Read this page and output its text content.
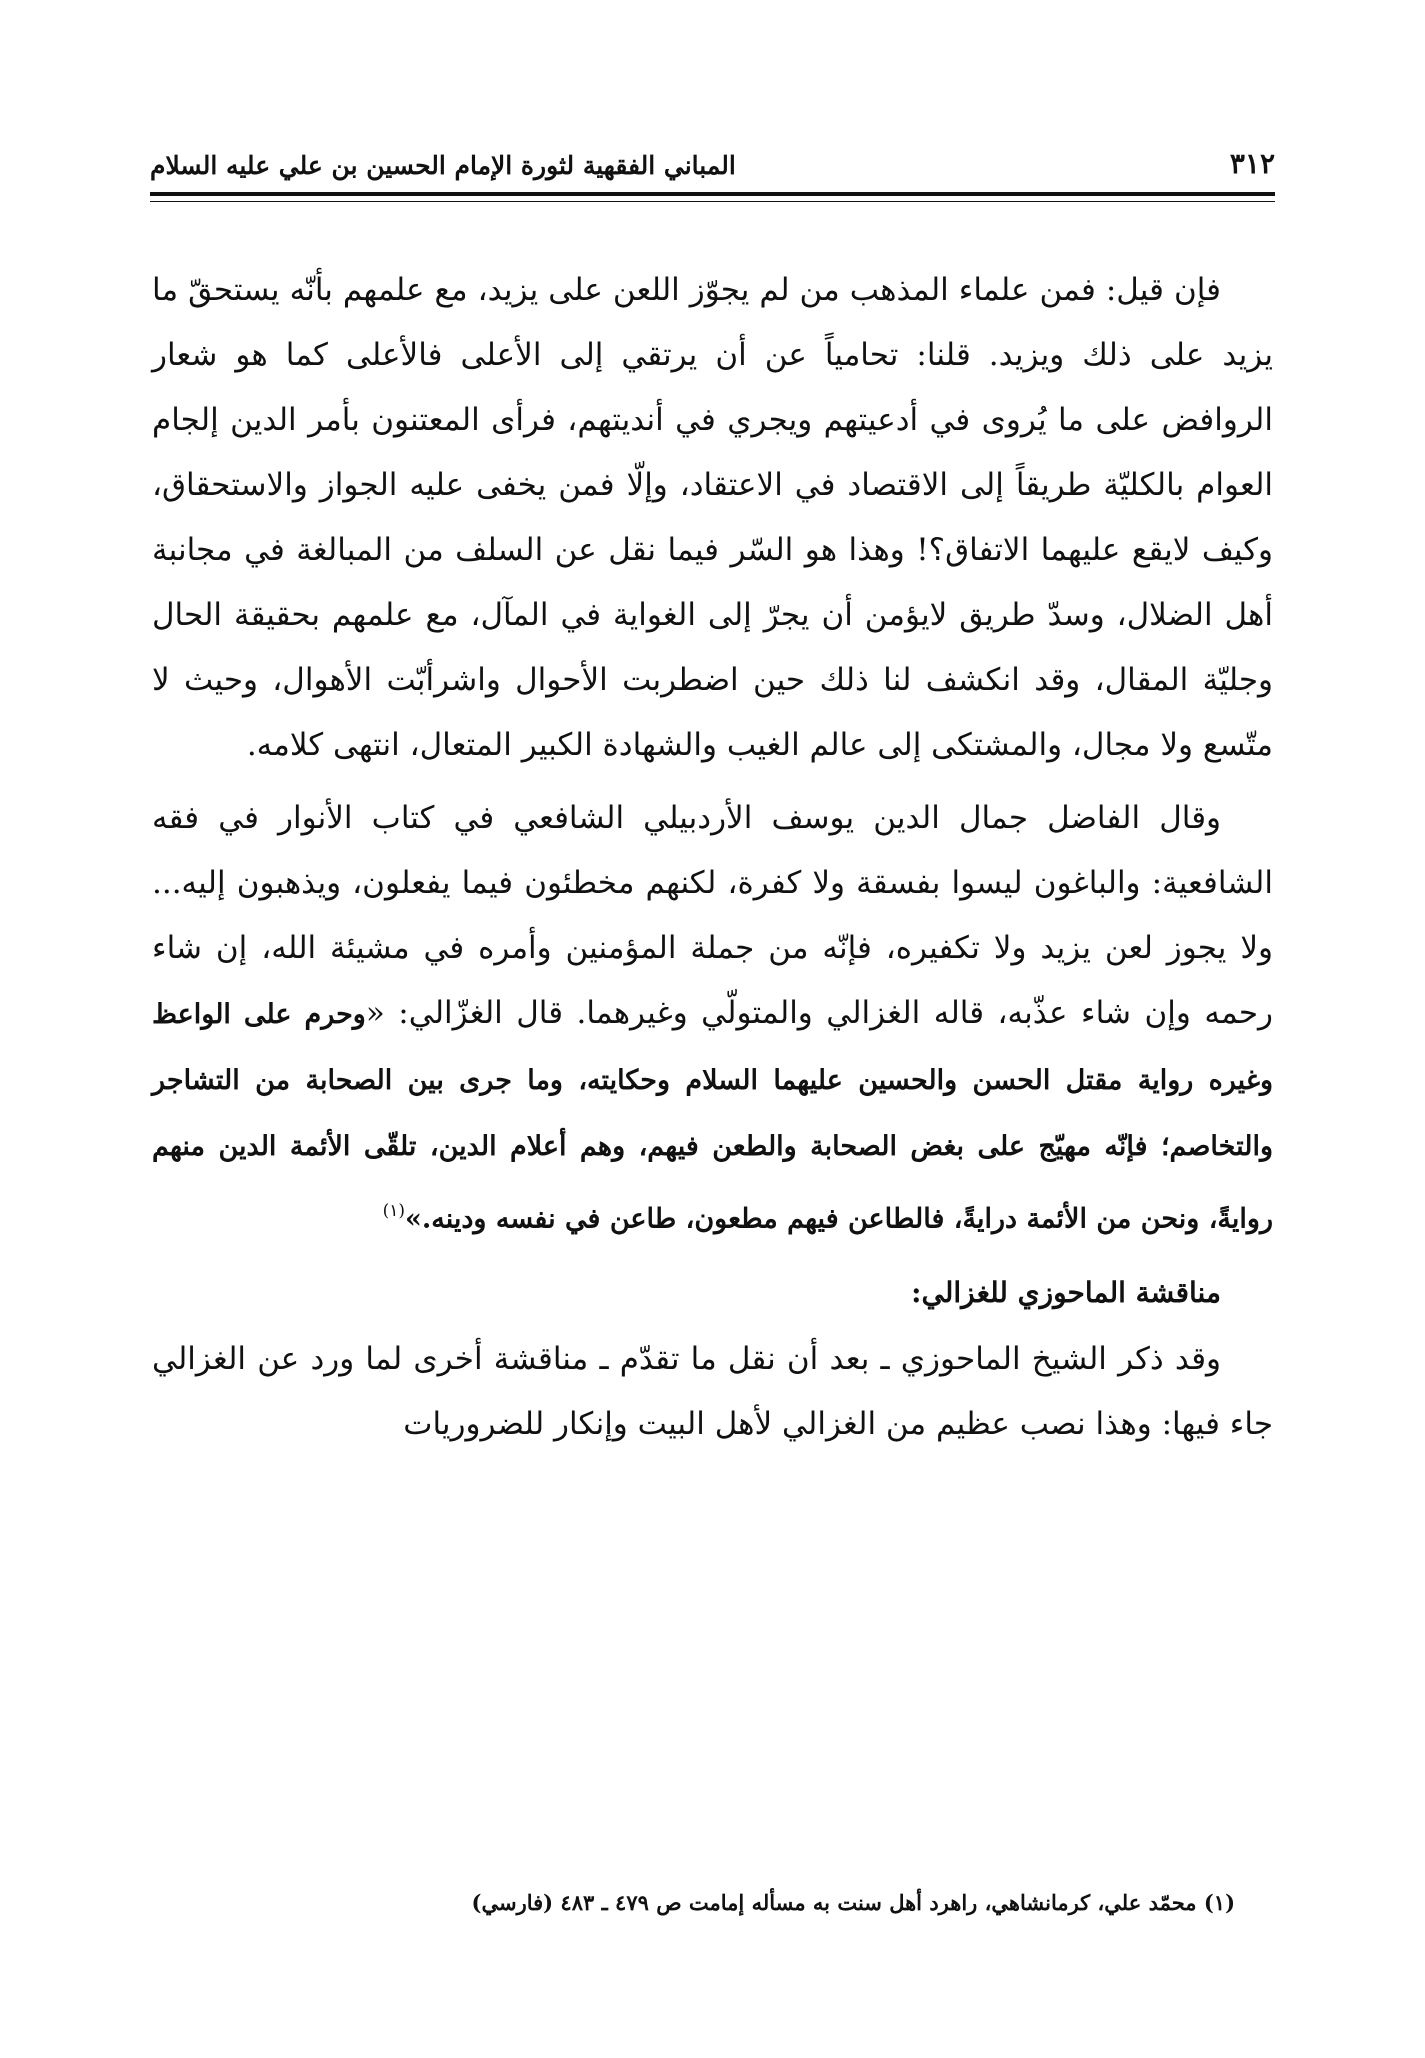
٣١٢
المباني الفقهية لثورة الإمام الحسين بن علي عليه السلام

فإن قيل: فمن علماء المذهب من لم يجوّز اللعن على يزيد، مع علمهم بأنّه يستحقّ ما يزيد على ذلك ويزيد. قلنا: تحامياً عن أن يرتقي إلى الأعلى فالأعلى كما هو شعار الروافض على ما يُروى في أدعيتهم ويجري في أنديتهم، فرأى المعتنون بأمر الدين إلجام العوام بالكليّة طريقاً إلى الاقتصاد في الاعتقاد، وإلّا فمن يخفى عليه الجواز والاستحقاق، وكيف لايقع عليهما الاتفاق؟! وهذا هو السّر فيما نقل عن السلف من المبالغة في مجانبة أهل الضلال، وسدّ طريق لايؤمن أن يجرّ إلى الغواية في المآل، مع علمهم بحقيقة الحال وجليّة المقال، وقد انكشف لنا ذلك حين اضطربت الأحوال واشرأبّت الأهوال، وحيث لا متّسع ولا مجال، والمشتكى إلى عالم الغيب والشهادة الكبير المتعال، انتهى كلامه.

وقال الفاضل جمال الدين يوسف الأردبيلي الشافعي في كتاب الأنوار في فقه الشافعية: والباغون ليسوا بفسقة ولا كفرة، لكنهم مخطئون فيما يفعلون، ويذهبون إليه... ولا يجوز لعن يزيد ولا تكفيره، فإنّه من جملة المؤمنين وأمره في مشيئة الله، إن شاء رحمه وإن شاء عذّبه، قاله الغزالي والمتولّي وغيرهما. قال الغزّالي: «وحرم على الواعظ وغيره رواية مقتل الحسن والحسين عليهما السلام وحكايته، وما جرى بين الصحابة من التشاجر والتخاصم؛ فإنّه مهيّج على بغض الصحابة والطعن فيهم، وهم أعلام الدين، تلقّى الأئمة الدين منهم روايةً، ونحن من الأئمة درايةً، فالطاعن فيهم مطعون، طاعن في نفسه ودينه.»$^{(١)}$

مناقشة الماحوزي للغزالي:

وقد ذكر الشيخ الماحوزي ـ بعد أن نقل ما تقدّم ـ مناقشة أخرى لما ورد عن الغزالي جاء فيها: وهذا نصب عظيم من الغزالي لأهل البيت وإنكار للضروريات

(١) محمّد علي، كرمانشاهي، راهرد أهل سنت به مسأله إمامت ص ٤٧٩ ـ ٤٨٣ (فارسي)
